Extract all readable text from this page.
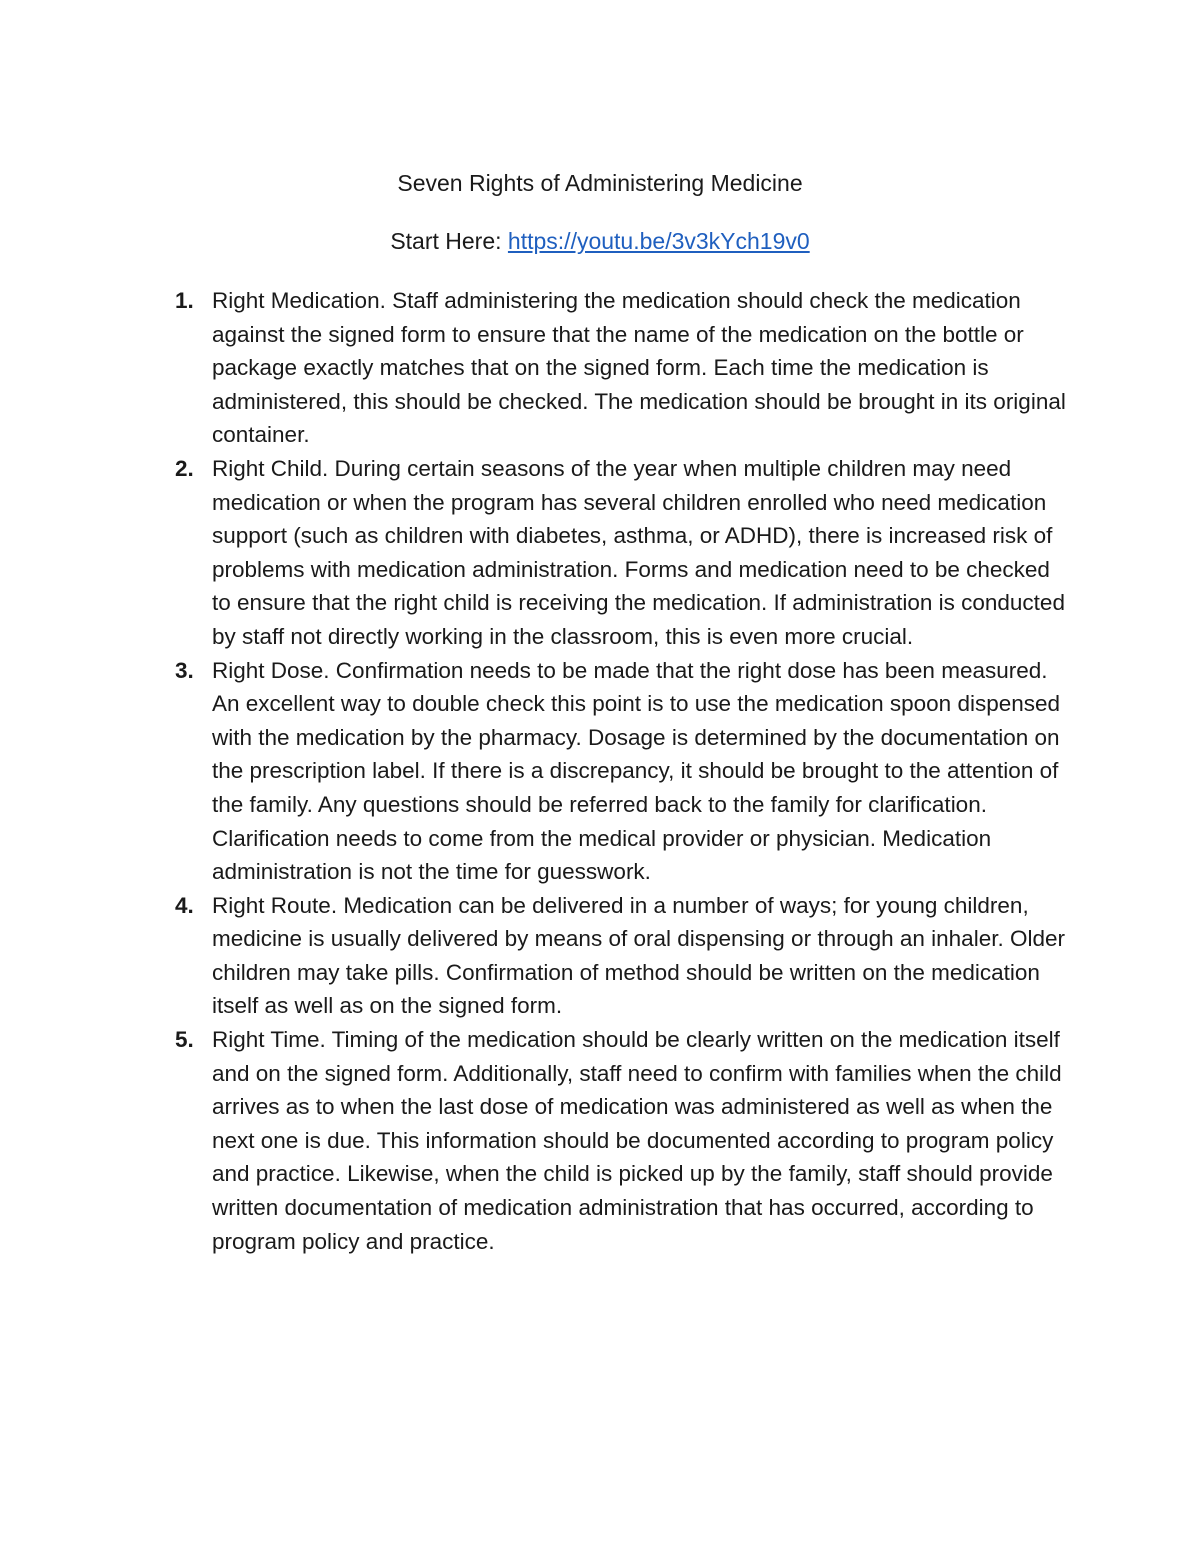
Seven Rights of Administering Medicine
Start Here: https://youtu.be/3v3kYch19v0
1. Right Medication. Staff administering the medication should check the medication against the signed form to ensure that the name of the medication on the bottle or package exactly matches that on the signed form. Each time the medication is administered, this should be checked. The medication should be brought in its original container.
2. Right Child. During certain seasons of the year when multiple children may need medication or when the program has several children enrolled who need medication support (such as children with diabetes, asthma, or ADHD), there is increased risk of problems with medication administration. Forms and medication need to be checked to ensure that the right child is receiving the medication. If administration is conducted by staff not directly working in the classroom, this is even more crucial.
3. Right Dose. Confirmation needs to be made that the right dose has been measured. An excellent way to double check this point is to use the medication spoon dispensed with the medication by the pharmacy. Dosage is determined by the documentation on the prescription label. If there is a discrepancy, it should be brought to the attention of the family. Any questions should be referred back to the family for clarification. Clarification needs to come from the medical provider or physician. Medication administration is not the time for guesswork.
4. Right Route. Medication can be delivered in a number of ways; for young children, medicine is usually delivered by means of oral dispensing or through an inhaler. Older children may take pills. Confirmation of method should be written on the medication itself as well as on the signed form.
5. Right Time. Timing of the medication should be clearly written on the medication itself and on the signed form. Additionally, staff need to confirm with families when the child arrives as to when the last dose of medication was administered as well as when the next one is due. This information should be documented according to program policy and practice. Likewise, when the child is picked up by the family, staff should provide written documentation of medication administration that has occurred, according to program policy and practice.
